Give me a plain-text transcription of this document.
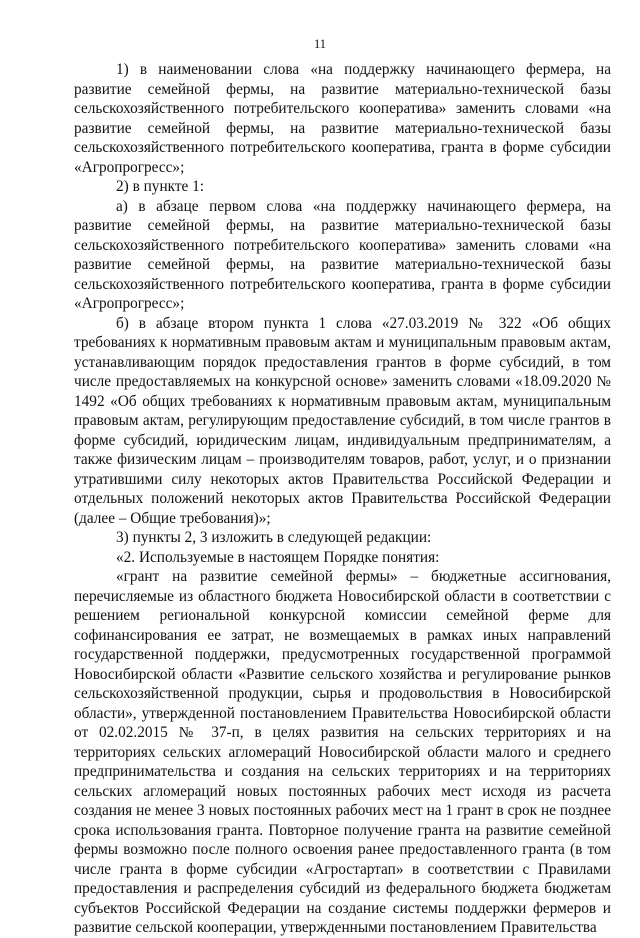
11

1) в наименовании слова «на поддержку начинающего фермера, на развитие семейной фермы, на развитие материально-технической базы сельскохозяйственного потребительского кооператива» заменить словами «на развитие семейной фермы, на развитие материально-технической базы сельскохозяйственного потребительского кооператива, гранта в форме субсидии «Агропрогресс»;

2) в пункте 1:

а) в абзаце первом слова «на поддержку начинающего фермера, на развитие семейной фермы, на развитие материально-технической базы сельскохозяйственного потребительского кооператива» заменить словами «на развитие семейной фермы, на развитие материально-технической базы сельскохозяйственного потребительского кооператива, гранта в форме субсидии «Агропрогресс»;

б) в абзаце втором пункта 1 слова «27.03.2019 № 322 «Об общих требованиях к нормативным правовым актам и муниципальным правовым актам, устанавливающим порядок предоставления грантов в форме субсидий, в том числе предоставляемых на конкурсной основе» заменить словами «18.09.2020 № 1492 «Об общих требованиях к нормативным правовым актам, муниципальным правовым актам, регулирующим предоставление субсидий, в том числе грантов в форме субсидий, юридическим лицам, индивидуальным предпринимателям, а также физическим лицам – производителям товаров, работ, услуг, и о признании утратившими силу некоторых актов Правительства Российской Федерации и отдельных положений некоторых актов Правительства Российской Федерации (далее – Общие требования)»;

3) пункты 2, 3 изложить в следующей редакции:

«2. Используемые в настоящем Порядке понятия:

«грант на развитие семейной фермы» – бюджетные ассигнования, перечисляемые из областного бюджета Новосибирской области в соответствии с решением региональной конкурсной комиссии семейной ферме для софинансирования ее затрат, не возмещаемых в рамках иных направлений государственной поддержки, предусмотренных государственной программой Новосибирской области «Развитие сельского хозяйства и регулирование рынков сельскохозяйственной продукции, сырья и продовольствия в Новосибирской области», утвержденной постановлением Правительства Новосибирской области от 02.02.2015 № 37-п, в целях развития на сельских территориях и на территориях сельских агломераций Новосибирской области малого и среднего предпринимательства и создания на сельских территориях и на территориях сельских агломераций новых постоянных рабочих мест исходя из расчета создания не менее 3 новых постоянных рабочих мест на 1 грант в срок не позднее срока использования гранта. Повторное получение гранта на развитие семейной фермы возможно после полного освоения ранее предоставленного гранта (в том числе гранта в форме субсидии «Агростартап» в соответствии с Правилами предоставления и распределения субсидий из федерального бюджета бюджетам субъектов Российской Федерации на создание системы поддержки фермеров и развитие сельской кооперации, утвержденными постановлением Правительства
